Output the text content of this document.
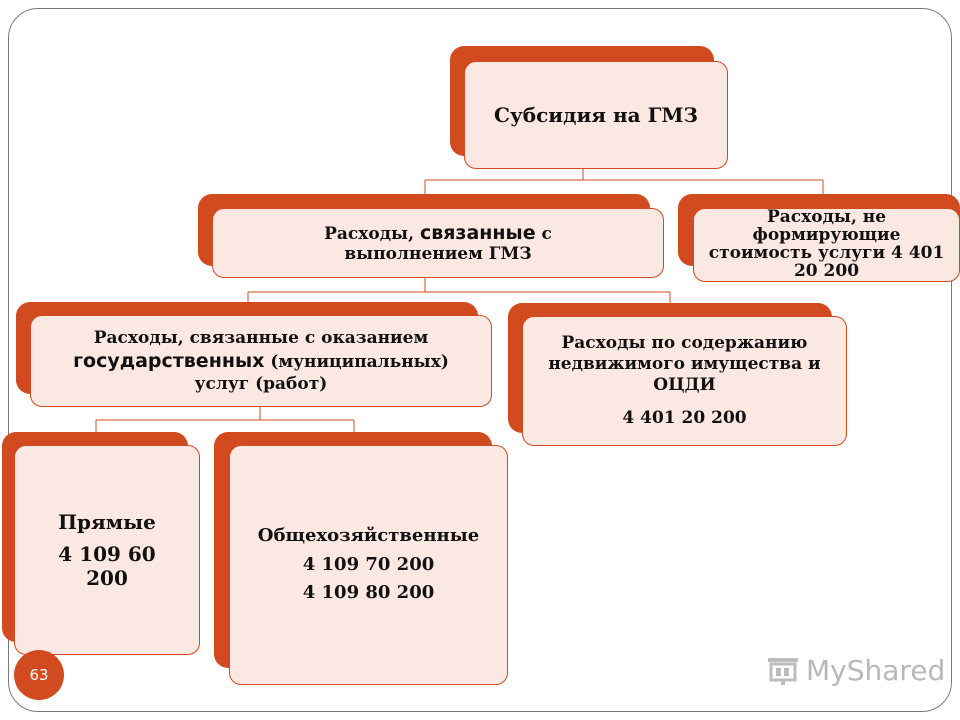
Субсидия на ГМЗ
Расходы, связанные с
выполнением ГМЗ
Расходы, не формирующие стоимость услуги 4 401 20 200
Расходы, связанные с оказанием
государственных (муниципальных)
услуг (работ)
Расходы по содержанию недвижимого имущества и ОЦДИ
4 401 20 200
Прямые
4 109 60 200
Общехозяйственные
4 109 70 200
4 109 80 200
63	MyShared
